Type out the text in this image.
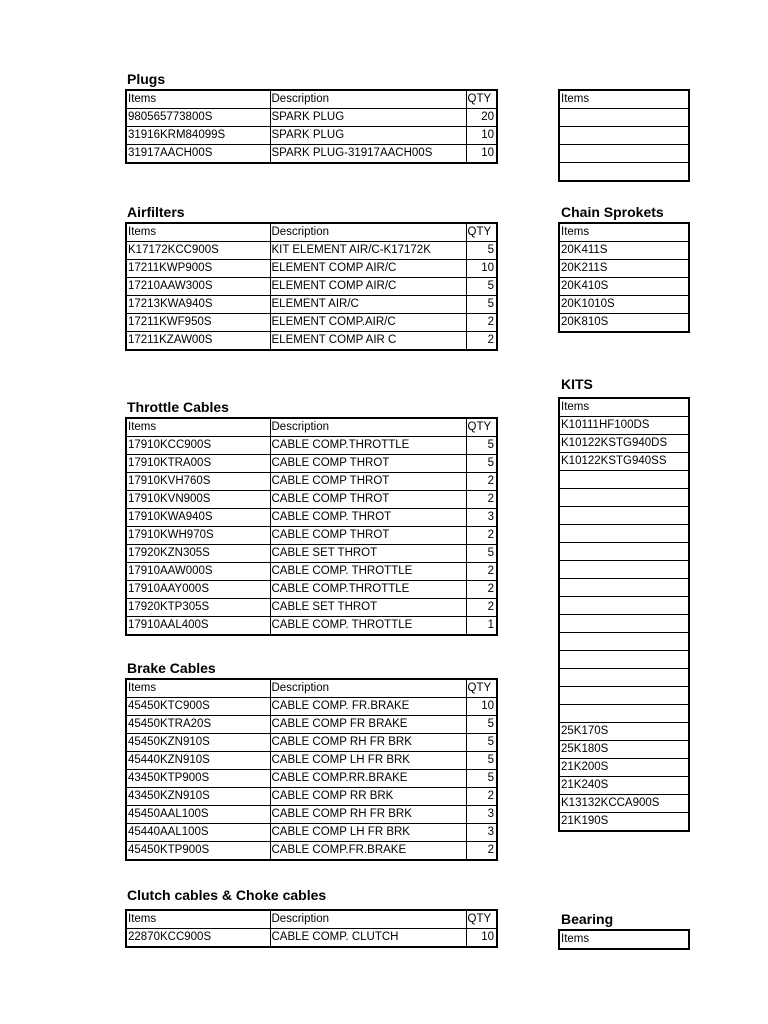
Plugs
Items	Description	QTY
980565773800S	SPARK PLUG	20
31916KRM84099S	SPARK PLUG	10
31917AACH00S	SPARK PLUG-31917AACH00S	10
Items

Airfilters
Items	Description	QTY
K17172KCC900S	KIT ELEMENT AIR/C-K17172K	5
17211KWP900S	ELEMENT COMP AIR/C	10
17210AAW300S	ELEMENT COMP AIR/C	5
17213KWA940S	ELEMENT AIR/C	5
17211KWF950S	ELEMENT COMP.AIR/C	2
17211KZAW00S	ELEMENT COMP AIR C	2
Chain Sprokets
Items
20K411S
20K211S
20K410S
20K1010S
20K810S
KITS
Items
K10111HF100DS
K10122KSTG940DS
K10122KSTG940SS

25K170S
25K180S
21K200S
21K240S
K13132KCCA900S
21K190S
Throttle Cables
Items	Description	QTY
17910KCC900S	CABLE COMP.THROTTLE	5
17910KTRA00S	CABLE COMP THROT	5
17910KVH760S	CABLE COMP THROT	2
17910KVN900S	CABLE COMP THROT	2
17910KWA940S	CABLE COMP. THROT	3
17910KWH970S	CABLE COMP THROT	2
17920KZN305S	CABLE SET THROT	5
17910AAW000S	CABLE COMP. THROTTLE	2
17910AAY000S	CABLE COMP.THROTTLE	2
17920KTP305S	CABLE SET THROT	2
17910AAL400S	CABLE COMP. THROTTLE	1
Brake Cables
Items	Description	QTY
45450KTC900S	CABLE COMP. FR.BRAKE	10
45450KTRA20S	CABLE COMP FR BRAKE	5
45450KZN910S	CABLE COMP RH FR BRK	5
45440KZN910S	CABLE COMP LH FR BRK	5
43450KTP900S	CABLE COMP.RR.BRAKE	5
43450KZN910S	CABLE COMP RR BRK	2
45450AAL100S	CABLE COMP RH FR BRK	3
45440AAL100S	CABLE COMP LH FR BRK	3
45450KTP900S	CABLE COMP.FR.BRAKE	2
Clutch cables & Choke cables
Items	Description	QTY
22870KCC900S	CABLE COMP. CLUTCH	10
Bearing
Items
